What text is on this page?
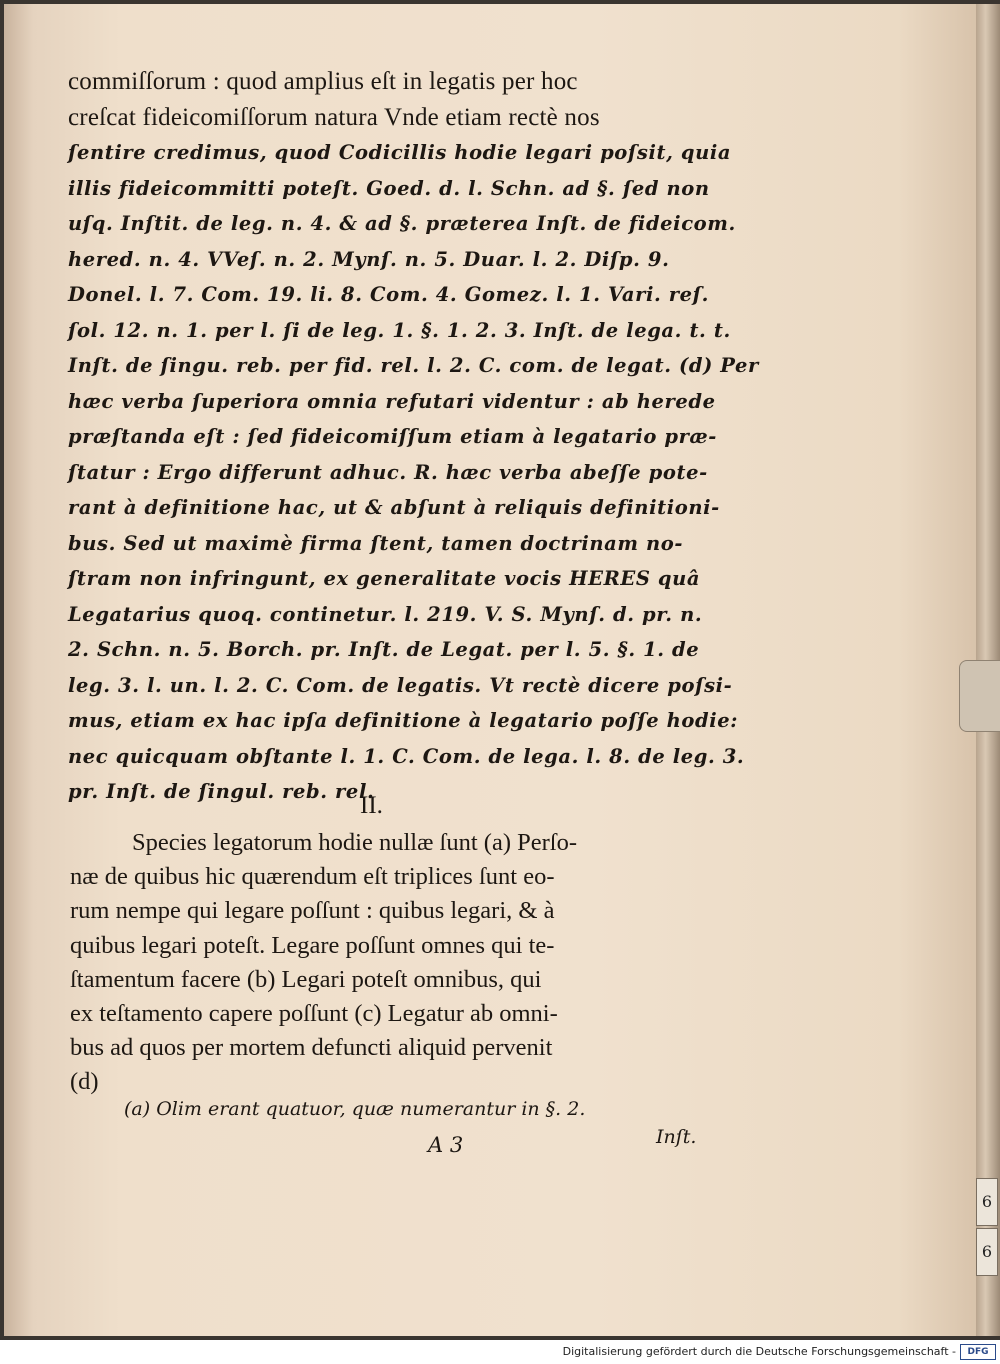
6
6
commiſſorum : quod amplius eſt in legatis per hoc
creſcat fideicomiſſorum natura Vnde etiam rectè nos
ſentire credimus, quod Codicillis hodie legari poſsit, quia
illis fideicommitti poteſt. Goed. d. l. Schn. ad §. ſed non
uſq. Inſtit. de leg. n. 4. & ad §. præterea Inſt. de fideicom.
hered. n. 4. VVeſ. n. 2. Mynſ. n. 5. Duar. l. 2. Diſp. 9.
Donel. l. 7. Com. 19. li. 8. Com. 4. Gomez. l. 1. Vari. reſ.
ſol. 12. n. 1. per l. ſi de leg. 1. §. 1. 2. 3. Inſt. de lega. t. t.
Inſt. de ſingu. reb. per fid. rel. l. 2. C. com. de legat. (d) Per
hæc verba ſuperiora omnia refutari videntur : ab herede
præſtanda eſt : ſed fideicomiſſum etiam à legatario præ-
ſtatur : Ergo differunt adhuc. R. hæc verba abeſſe pote-
rant à definitione hac, ut & abſunt à reliquis definitioni-
bus. Sed ut maximè firma ſtent, tamen doctrinam no-
ſtram non infringunt, ex generalitate vocis HERES quâ
Legatarius quoq. continetur. l. 219. V. S. Mynſ. d. pr. n.
2. Schn. n. 5. Borch. pr. Inſt. de Legat. per l. 5. §. 1. de
leg. 3. l. un. l. 2. C. Com. de legatis. Vt rectè dicere poſsi-
mus, etiam ex hac ipſa definitione à legatario poſſe hodie:
nec quicquam obſtante l. 1. C. Com. de lega. l. 8. de leg. 3.
pr. Inſt. de ſingul. reb. rel.
II.
Species legatorum hodie nullæ ſunt (a) Perſo-
næ de quibus hic quærendum eſt triplices ſunt eo-
rum nempe qui legare poſſunt : quibus legari, & à
quibus legari poteſt. Legare poſſunt omnes qui te-
ſtamentum facere (b) Legari poteſt omnibus, qui
ex teſtamento capere poſſunt (c) Legatur ab omni-
bus ad quos per mortem defuncti aliquid pervenit
(d)
(a) Olim erant quatuor, quæ numerantur in §. 2.
A 3	Inſt.
Digitalisierung gefördert durch die Deutsche Forschungsgemeinschaft - DFG
